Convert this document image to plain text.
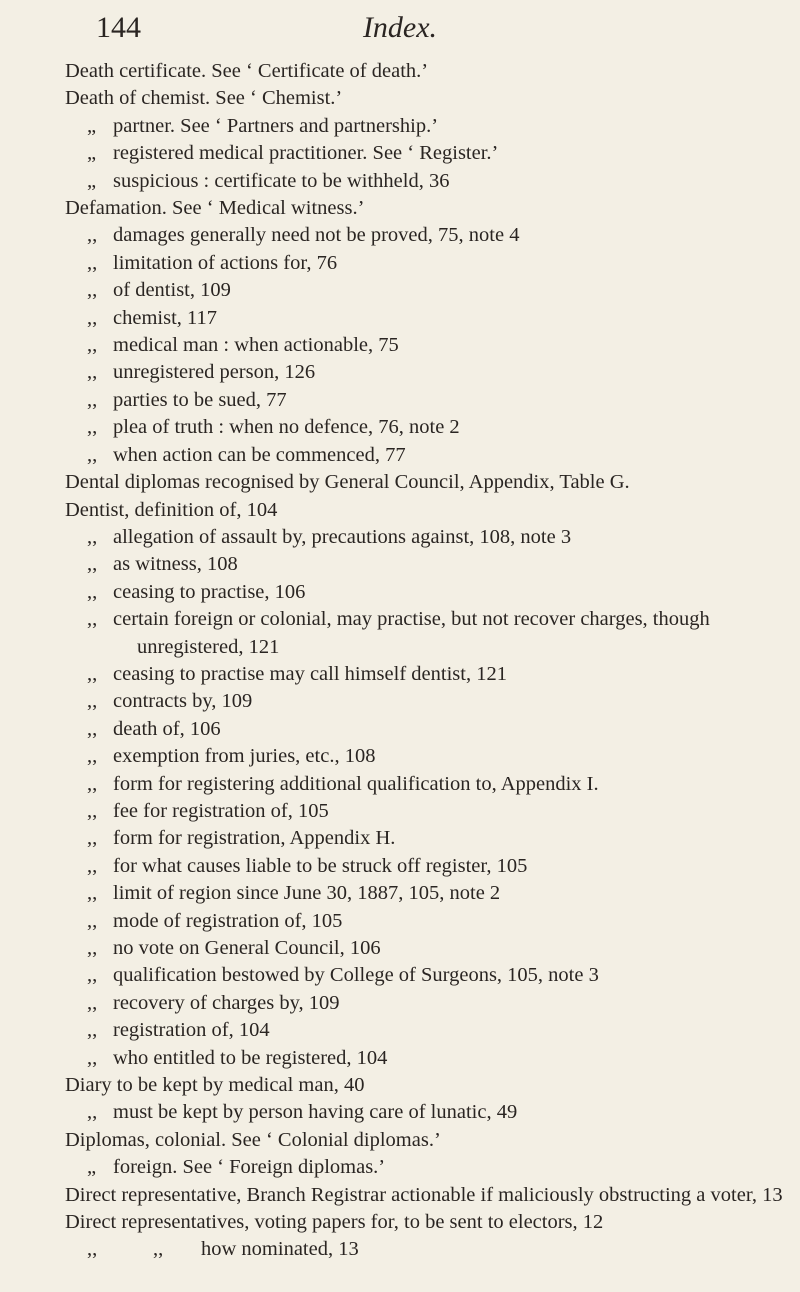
144	Index.
Death certificate. See ‘ Certificate of death.’
Death of chemist. See ‘ Chemist.’
„ partner. See ‘ Partners and partnership.’
„ registered medical practitioner. See ‘ Register.’
„ suspicious : certificate to be withheld, 36
Defamation. See ‘ Medical witness.’
,, damages generally need not be proved, 75, note 4
,, limitation of actions for, 76
,, of dentist, 109
,, chemist, 117
,, medical man : when actionable, 75
,, unregistered person, 126
,, parties to be sued, 77
,, plea of truth : when no defence, 76, note 2
,, when action can be commenced, 77
Dental diplomas recognised by General Council, Appendix, Table G.
Dentist, definition of, 104
,, allegation of assault by, precautions against, 108, note 3
,, as witness, 108
,, ceasing to practise, 106
,, certain foreign or colonial, may practise, but not recover charges, though unregistered, 121
,, ceasing to practise may call himself dentist, 121
,, contracts by, 109
,, death of, 106
,, exemption from juries, etc., 108
,, form for registering additional qualification to, Appendix I.
,, fee for registration of, 105
,, form for registration, Appendix H.
,, for what causes liable to be struck off register, 105
,, limit of region since June 30, 1887, 105, note 2
,, mode of registration of, 105
,, no vote on General Council, 106
,, qualification bestowed by College of Surgeons, 105, note 3
,, recovery of charges by, 109
,, registration of, 104
,, who entitled to be registered, 104
Diary to be kept by medical man, 40
,, must be kept by person having care of lunatic, 49
Diplomas, colonial. See ‘ Colonial diplomas.’
„ foreign. See ‘ Foreign diplomas.’
Direct representative, Branch Registrar actionable if maliciously obstructing a voter, 13
Direct representatives, voting papers for, to be sent to electors, 12
,,	,, how nominated, 13
